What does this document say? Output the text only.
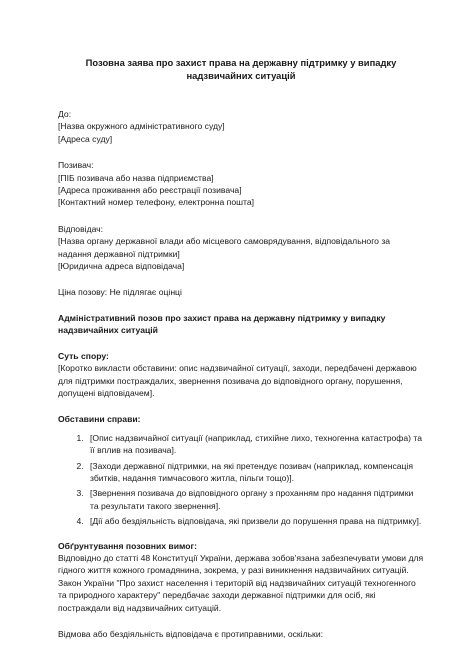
Позовна заява про захист права на державну підтримку у випадку надзвичайних ситуацій

До:

[Назва окружного адміністративного суду]

[Адреса суду]

Позивач:

[ПІБ позивача або назва підприємства]

[Адреса проживання або реєстрації позивача]

[Контактний номер телефону, електронна пошта]

Відповідач:

[Назва органу державної влади або місцевого самоврядування, відповідального за надання державної підтримки]

[Юридична адреса відповідача]

Ціна позову: Не підлягає оцінці

Адміністративний позов про захист права на державну підтримку у випадку надзвичайних ситуацій

Суть спору:

[Коротко викласти обставини: опис надзвичайної ситуації, заходи, передбачені державою для підтримки постраждалих, звернення позивача до відповідного органу, порушення, допущені відповідачем].

Обставини справи:

1. [Опис надзвичайної ситуації (наприклад, стихійне лихо, техногенна катастрофа) та її вплив на позивача].
2. [Заходи державної підтримки, на які претендує позивач (наприклад, компенсація збитків, надання тимчасового житла, пільги тощо)].
3. [Звернення позивача до відповідного органу з проханням про надання підтримки та результати такого звернення].
4. [Дії або бездіяльність відповідача, які призвели до порушення права на підтримку].

Обґрунтування позовних вимог:

Відповідно до статті 48 Конституції України, держава зобов'язана забезпечувати умови для гідного життя кожного громадянина, зокрема, у разі виникнення надзвичайних ситуацій. Закон України "Про захист населення і територій від надзвичайних ситуацій техногенного та природного характеру" передбачає заходи державної підтримки для осіб, які постраждали від надзвичайних ситуацій.

Відмова або бездіяльність відповідача є протиправними, оскільки:
